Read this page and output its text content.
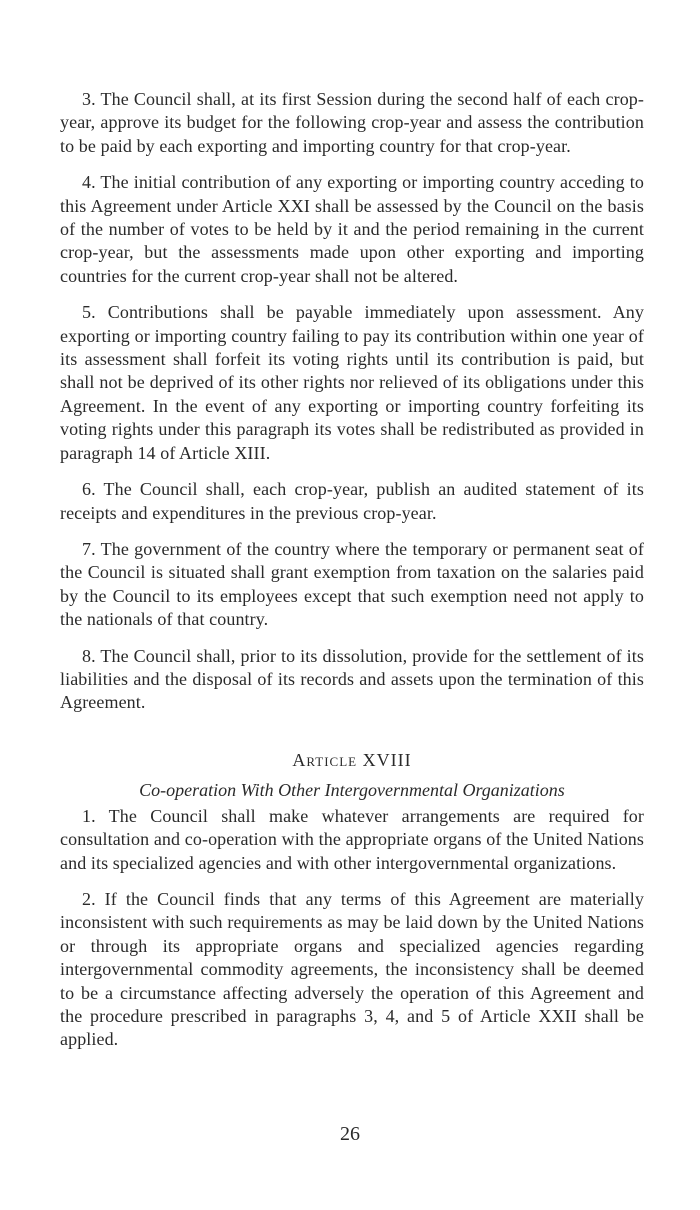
3. The Council shall, at its first Session during the second half of each crop-year, approve its budget for the following crop-year and assess the contribution to be paid by each exporting and importing country for that crop-year.

4. The initial contribution of any exporting or importing country acceding to this Agreement under Article XXI shall be assessed by the Council on the basis of the number of votes to be held by it and the period remaining in the current crop-year, but the assessments made upon other exporting and importing countries for the current crop-year shall not be altered.

5. Contributions shall be payable immediately upon assessment. Any exporting or importing country failing to pay its contribution within one year of its assessment shall forfeit its voting rights until its contribution is paid, but shall not be deprived of its other rights nor relieved of its obligations under this Agreement. In the event of any exporting or importing country forfeiting its voting rights under this paragraph its votes shall be redistributed as provided in paragraph 14 of Article XIII.

6. The Council shall, each crop-year, publish an audited statement of its receipts and expenditures in the previous crop-year.

7. The government of the country where the temporary or permanent seat of the Council is situated shall grant exemption from taxation on the salaries paid by the Council to its employees except that such exemption need not apply to the nationals of that country.

8. The Council shall, prior to its dissolution, provide for the settlement of its liabilities and the disposal of its records and assets upon the termination of this Agreement.

Article XVIII
Co-operation With Other Intergovernmental Organizations

1. The Council shall make whatever arrangements are required for consultation and co-operation with the appropriate organs of the United Nations and its specialized agencies and with other intergovernmental organizations.

2. If the Council finds that any terms of this Agreement are materially inconsistent with such requirements as may be laid down by the United Nations or through its appropriate organs and specialized agencies regarding intergovernmental commodity agreements, the inconsistency shall be deemed to be a circumstance affecting adversely the operation of this Agreement and the procedure prescribed in paragraphs 3, 4, and 5 of Article XXII shall be applied.

26
